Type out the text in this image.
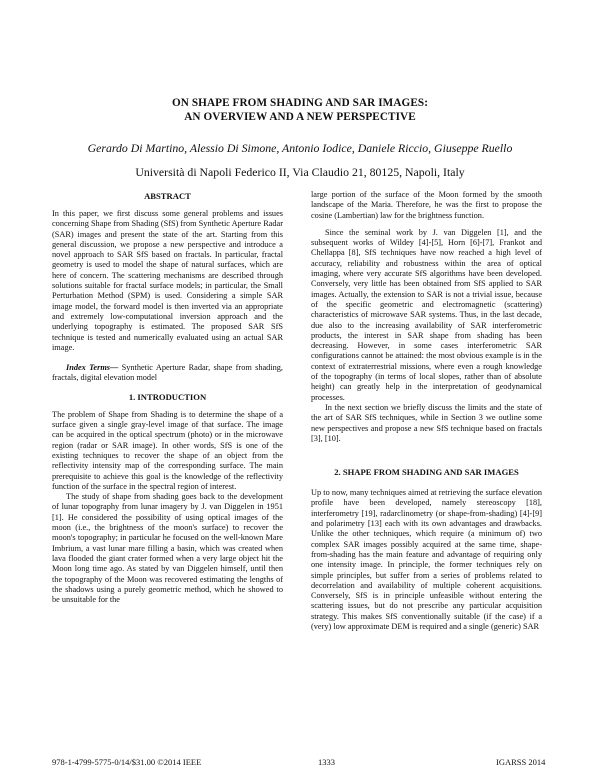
ON SHAPE FROM SHADING AND SAR IMAGES:
AN OVERVIEW AND A NEW PERSPECTIVE
Gerardo Di Martino, Alessio Di Simone, Antonio Iodice, Daniele Riccio, Giuseppe Ruello
Università di Napoli Federico II, Via Claudio 21, 80125, Napoli, Italy
ABSTRACT

In this paper, we first discuss some general problems and issues concerning Shape from Shading (SfS) from Synthetic Aperture Radar (SAR) images and present the state of the art. Starting from this general discussion, we propose a new perspective and introduce a novel approach to SAR SfS based on fractals. In particular, fractal geometry is used to model the shape of natural surfaces, which are here of concern. The scattering mechanisms are described through solutions suitable for fractal surface models; in particular, the Small Perturbation Method (SPM) is used. Considering a simple SAR image model, the forward model is then inverted via an appropriate and extremely low-computational inversion approach and the underlying topography is estimated. The proposed SAR SfS technique is tested and numerically evaluated using an actual SAR image.

Index Terms— Synthetic Aperture Radar, shape from shading, fractals, digital elevation model

1. INTRODUCTION

The problem of Shape from Shading is to determine the shape of a surface given a single gray-level image of that surface. The image can be acquired in the optical spectrum (photo) or in the microwave region (radar or SAR image). In other words, SfS is one of the existing techniques to recover the shape of an object from the reflectivity intensity map of the corresponding surface. The main prerequisite to achieve this goal is the knowledge of the reflectivity function of the surface in the spectral region of interest.

The study of shape from shading goes back to the development of lunar topography from lunar imagery by J. van Diggelen in 1951 [1]. He considered the possibility of using optical images of the moon (i.e., the brightness of the moon's surface) to recover the moon's topography; in particular he focused on the well-known Mare Imbrium, a vast lunar mare filling a basin, which was created when lava flooded the giant crater formed when a very large object hit the Moon long time ago. As stated by van Diggelen himself, until then the topography of the Moon was recovered estimating the lengths of the shadows using a purely geometric method, which he showed to be unsuitable for the

large portion of the surface of the Moon formed by the smooth landscape of the Maria. Therefore, he was the first to propose the cosine (Lambertian) law for the brightness function.

Since the seminal work by J. van Diggelen [1], and the subsequent works of Wildey [4]-[5], Horn [6]-[7], Frankot and Chellappa [8], SfS techniques have now reached a high level of accuracy, reliability and robustness within the area of optical imaging, where very accurate SfS algorithms have been developed. Conversely, very little has been obtained from SfS applied to SAR images. Actually, the extension to SAR is not a trivial issue, because of the specific geometric and electromagnetic (scattering) characteristics of microwave SAR systems. Thus, in the last decade, due also to the increasing availability of SAR interferometric products, the interest in SAR shape from shading has been decreasing. However, in some cases interferometric SAR configurations cannot be attained: the most obvious example is in the context of extraterrestrial missions, where even a rough knowledge of the topography (in terms of local slopes, rather than of absolute height) can greatly help in the interpretation of geodynamical processes.

In the next section we briefly discuss the limits and the state of the art of SAR SfS techniques, while in Section 3 we outline some new perspectives and propose a new SfS technique based on fractals [3], [10].

2. SHAPE FROM SHADING AND SAR IMAGES

Up to now, many techniques aimed at retrieving the surface elevation profile have been developed, namely stereoscopy [18], interferometry [19], radarclinometry (or shape-from-shading) [4]-[9] and polarimetry [13] each with its own advantages and drawbacks. Unlike the other techniques, which require (a minimum of) two complex SAR images possibly acquired at the same time, shape-from-shading has the main feature and advantage of requiring only one intensity image. In principle, the former techniques rely on simple principles, but suffer from a series of problems related to decorrelation and availability of multiple coherent acquisitions. Conversely, SfS is in principle unfeasible without entering the scattering issues, but do not prescribe any particular acquisition strategy. This makes SfS conventionally suitable (if the case) if a (very) low approximate DEM is required and a single (generic) SAR

978-1-4799-5775-0/14/$31.00 ©2014 IEEE	1333	IGARSS 2014
